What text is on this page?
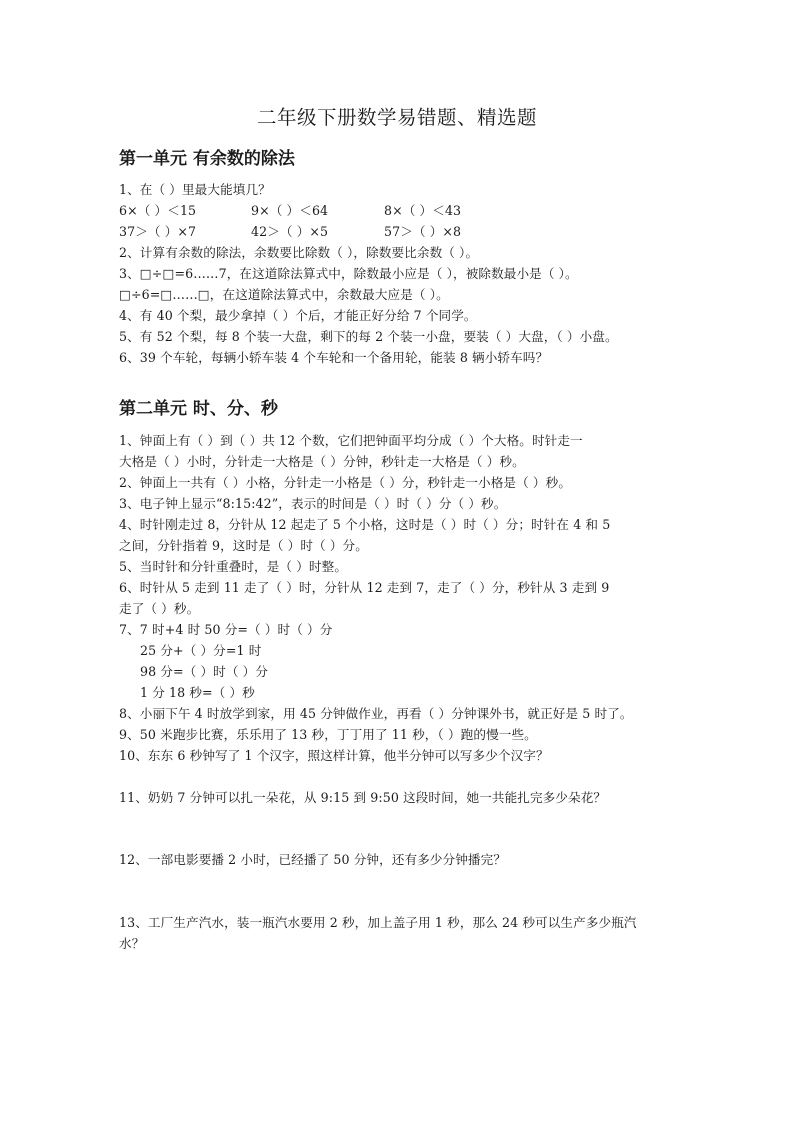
二年级下册数学易错题、精选题
第一单元 有余数的除法
1、在（ ）里最大能填几？
6×（ ）＜15	9×（ ）＜64	8×（ ）＜43
37＞（ ）×7	42＞（ ）×5	57＞（ ）×8
2、计算有余数的除法，余数要比除数（ ），除数要比余数（ ）。
3、□÷□=6……7，在这道除法算式中，除数最小应是（ ），被除数最小是（ ）。
□÷6=□……□，在这道除法算式中，余数最大应是（ ）。
4、有 40 个梨，最少拿掉（ ）个后，才能正好分给 7 个同学。
5、有 52 个梨，每 8 个装一大盘，剩下的每 2 个装一小盘，要装（ ）大盘，（ ）小盘。
6、39 个车轮，每辆小轿车装 4 个车轮和一个备用轮，能装 8 辆小轿车吗？
第二单元 时、分、秒
1、钟面上有（ ）到（ ）共 12 个数，它们把钟面平均分成（ ）个大格。时针走一
大格是（ ）小时，分针走一大格是（ ）分钟，秒针走一大格是（ ）秒。
2、钟面上一共有（ ）小格，分针走一小格是（ ）分，秒针走一小格是（ ）秒。
3、电子钟上显示“8:15:42”，表示的时间是（ ）时（ ）分（ ）秒。
4、时针刚走过 8，分针从 12 起走了 5 个小格，这时是（ ）时（ ）分；时针在 4 和 5
之间，分针指着 9，这时是（ ）时（ ）分。
5、当时针和分针重叠时，是（ ）时整。
6、时针从 5 走到 11 走了（ ）时，分针从 12 走到 7，走了（ ）分，秒针从 3 走到 9
走了（ ）秒。
7、7 时+4 时 50 分=（ ）时（ ）分
25 分+（ ）分=1 时
98 分=（ ）时（ ）分
1 分 18 秒=（ ）秒
8、小丽下午 4 时放学到家，用 45 分钟做作业，再看（ ）分钟课外书，就正好是 5 时了。
9、50 米跑步比赛，乐乐用了 13 秒，丁丁用了 11 秒，（ ）跑的慢一些。
10、东东 6 秒钟写了 1 个汉字，照这样计算，他半分钟可以写多少个汉字？
11、奶奶 7 分钟可以扎一朵花，从 9:15 到 9:50 这段时间，她一共能扎完多少朵花？
12、一部电影要播 2 小时，已经播了 50 分钟，还有多少分钟播完？
13、工厂生产汽水，装一瓶汽水要用 2 秒，加上盖子用 1 秒，那么 24 秒可以生产多少瓶汽
水？
